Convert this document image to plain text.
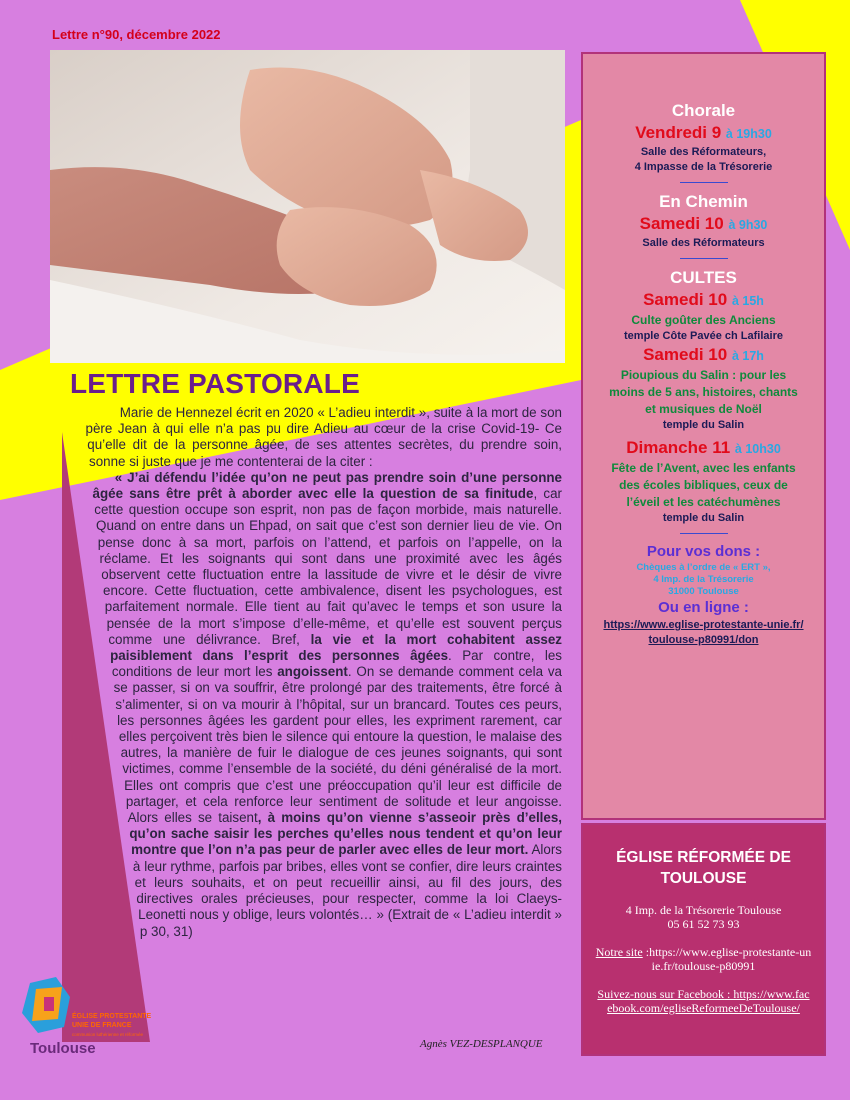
Lettre n°90, décembre 2022
LETTRE PASTORALE

Marie de Hennezel écrit en 2020 « L’adieu interdit », suite à la mort de son père Jean à qui elle n’a pas pu dire Adieu au cœur de la crise Covid-19- Ce qu’elle dit de la personne âgée, de ses attentes secrètes, du prendre soin, sonne si juste que je me contenterai de la citer :

« J’ai défendu l’idée qu’on ne peut pas prendre soin d’une personne âgée sans être prêt à aborder avec elle la question de sa finitude, car cette question occupe son esprit, non pas de façon morbide, mais naturelle. Quand on entre dans un Ehpad, on sait que c’est son dernier lieu de vie. On pense donc à sa mort, parfois on l’attend, et parfois on l’appelle, on la réclame. Et les soignants qui sont dans une proximité avec les âgés observent cette fluctuation entre la lassitude de vivre et le désir de vivre encore. Cette fluctuation, cette ambivalence, disent les psychologues, est parfaitement normale. Elle tient au fait qu’avec le temps et son usure la pensée de la mort s’impose d’elle-même, et qu’elle est souvent perçus comme une délivrance. Bref, la vie et la mort cohabitent assez paisiblement dans l’esprit des personnes âgées. Par contre, les conditions de leur mort les angoissent. On se demande comment cela va se passer, si on va souffrir, être prolongé par des traitements, être forcé à s’alimenter, si on va mourir à l’hôpital, sur un brancard. Toutes ces peurs, les personnes âgées les gardent pour elles, les expriment rarement, car elles perçoivent très bien le silence qui entoure la question, le malaise des autres, la manière de fuir le dialogue de ces jeunes soignants, qui sont victimes, comme l’ensemble de la société, du déni généralisé de la mort. Elles ont compris que c’est une préoccupation qu’il leur est difficile de partager, et cela renforce leur sentiment de solitude et leur angoisse. Alors elles se taisent, à moins qu’on vienne s’asseoir près d’elles, qu’on sache saisir les perches qu’elles nous tendent et qu’on leur montre que l’on n’a pas peur de parler avec elles de leur mort. Alors à leur rythme, parfois par bribes, elles vont se confier, dire leurs craintes et leurs souhaits, et on peut recueillir ainsi, au fil des jours, des directives orales précieuses, pour respecter, comme la loi Claeys-Leonetti nous y oblige, leurs volontés… » (Extrait de « L’adieu interdit » p 30, 31)

Agnès VEZ-DESPLANQUE
ÉGLISE PROTESTANTE
UNIE DE FRANCE
communion luthérienne et réformée
Toulouse
Chorale
Vendredi 9 à 19h30
Salle des Réformateurs,
4 Impasse de la Trésorerie
En Chemin
Samedi 10 à 9h30
Salle des Réformateurs
CULTES
Samedi 10 à 15h
Culte goûter des Anciens
temple Côte Pavée ch Lafilaire
Samedi 10 à 17h
Pioupious du Salin : pour les moins de 5 ans, histoires, chants et musiques de Noël
temple du Salin
Dimanche 11 à 10h30
Fête de l’Avent, avec les enfants des écoles bibliques, ceux de l’éveil et les catéchumènes
temple du Salin
Pour vos dons :
Chèques à l’ordre de « ERT »,
4 Imp. de la Trésorerie
31000 Toulouse
Ou en ligne :
https://www.eglise-protestante-unie.fr/toulouse-p80991/don
ÉGLISE RÉFORMÉE DE TOULOUSE
4 Imp. de la Trésorerie Toulouse
05 61 52 73 93
Notre site :https://www.eglise-protestante-unie.fr/toulouse-p80991
Suivez-nous sur Facebook : https://www.facebook.com/egliseReformeeDeToulouse/
